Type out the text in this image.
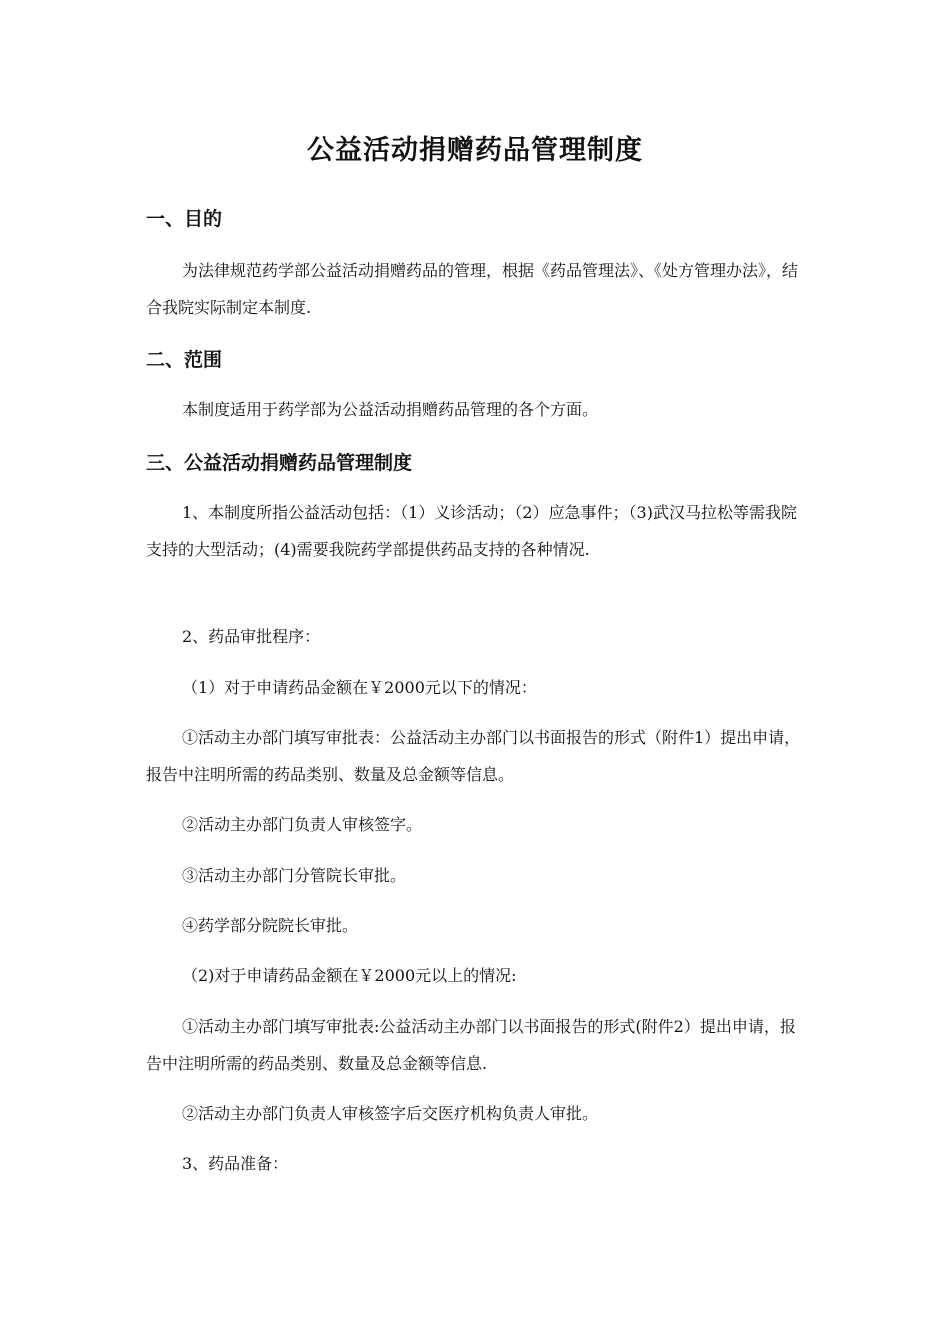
公益活动捐赠药品管理制度
一、目的

为法律规范药学部公益活动捐赠药品的管理，根据《药品管理法》、《处方管理办法》，结合我院实际制定本制度.

二、范围

本制度适用于药学部为公益活动捐赠药品管理的各个方面。

三、公益活动捐赠药品管理制度

1、本制度所指公益活动包括：（1）义诊活动；（2）应急事件；（3)武汉马拉松等需我院支持的大型活动；(4)需要我院药学部提供药品支持的各种情况.

2、药品审批程序：

（1）对于申请药品金额在￥2000元以下的情况：

①活动主办部门填写审批表：公益活动主办部门以书面报告的形式（附件1）提出申请，报告中注明所需的药品类别、数量及总金额等信息。

②活动主办部门负责人审核签字。

③活动主办部门分管院长审批。

④药学部分院院长审批。

（2)对于申请药品金额在￥2000元以上的情况:

①活动主办部门填写审批表:公益活动主办部门以书面报告的形式(附件2）提出申请，报告中注明所需的药品类别、数量及总金额等信息.

②活动主办部门负责人审核签字后交医疗机构负责人审批。

3、药品准备：
